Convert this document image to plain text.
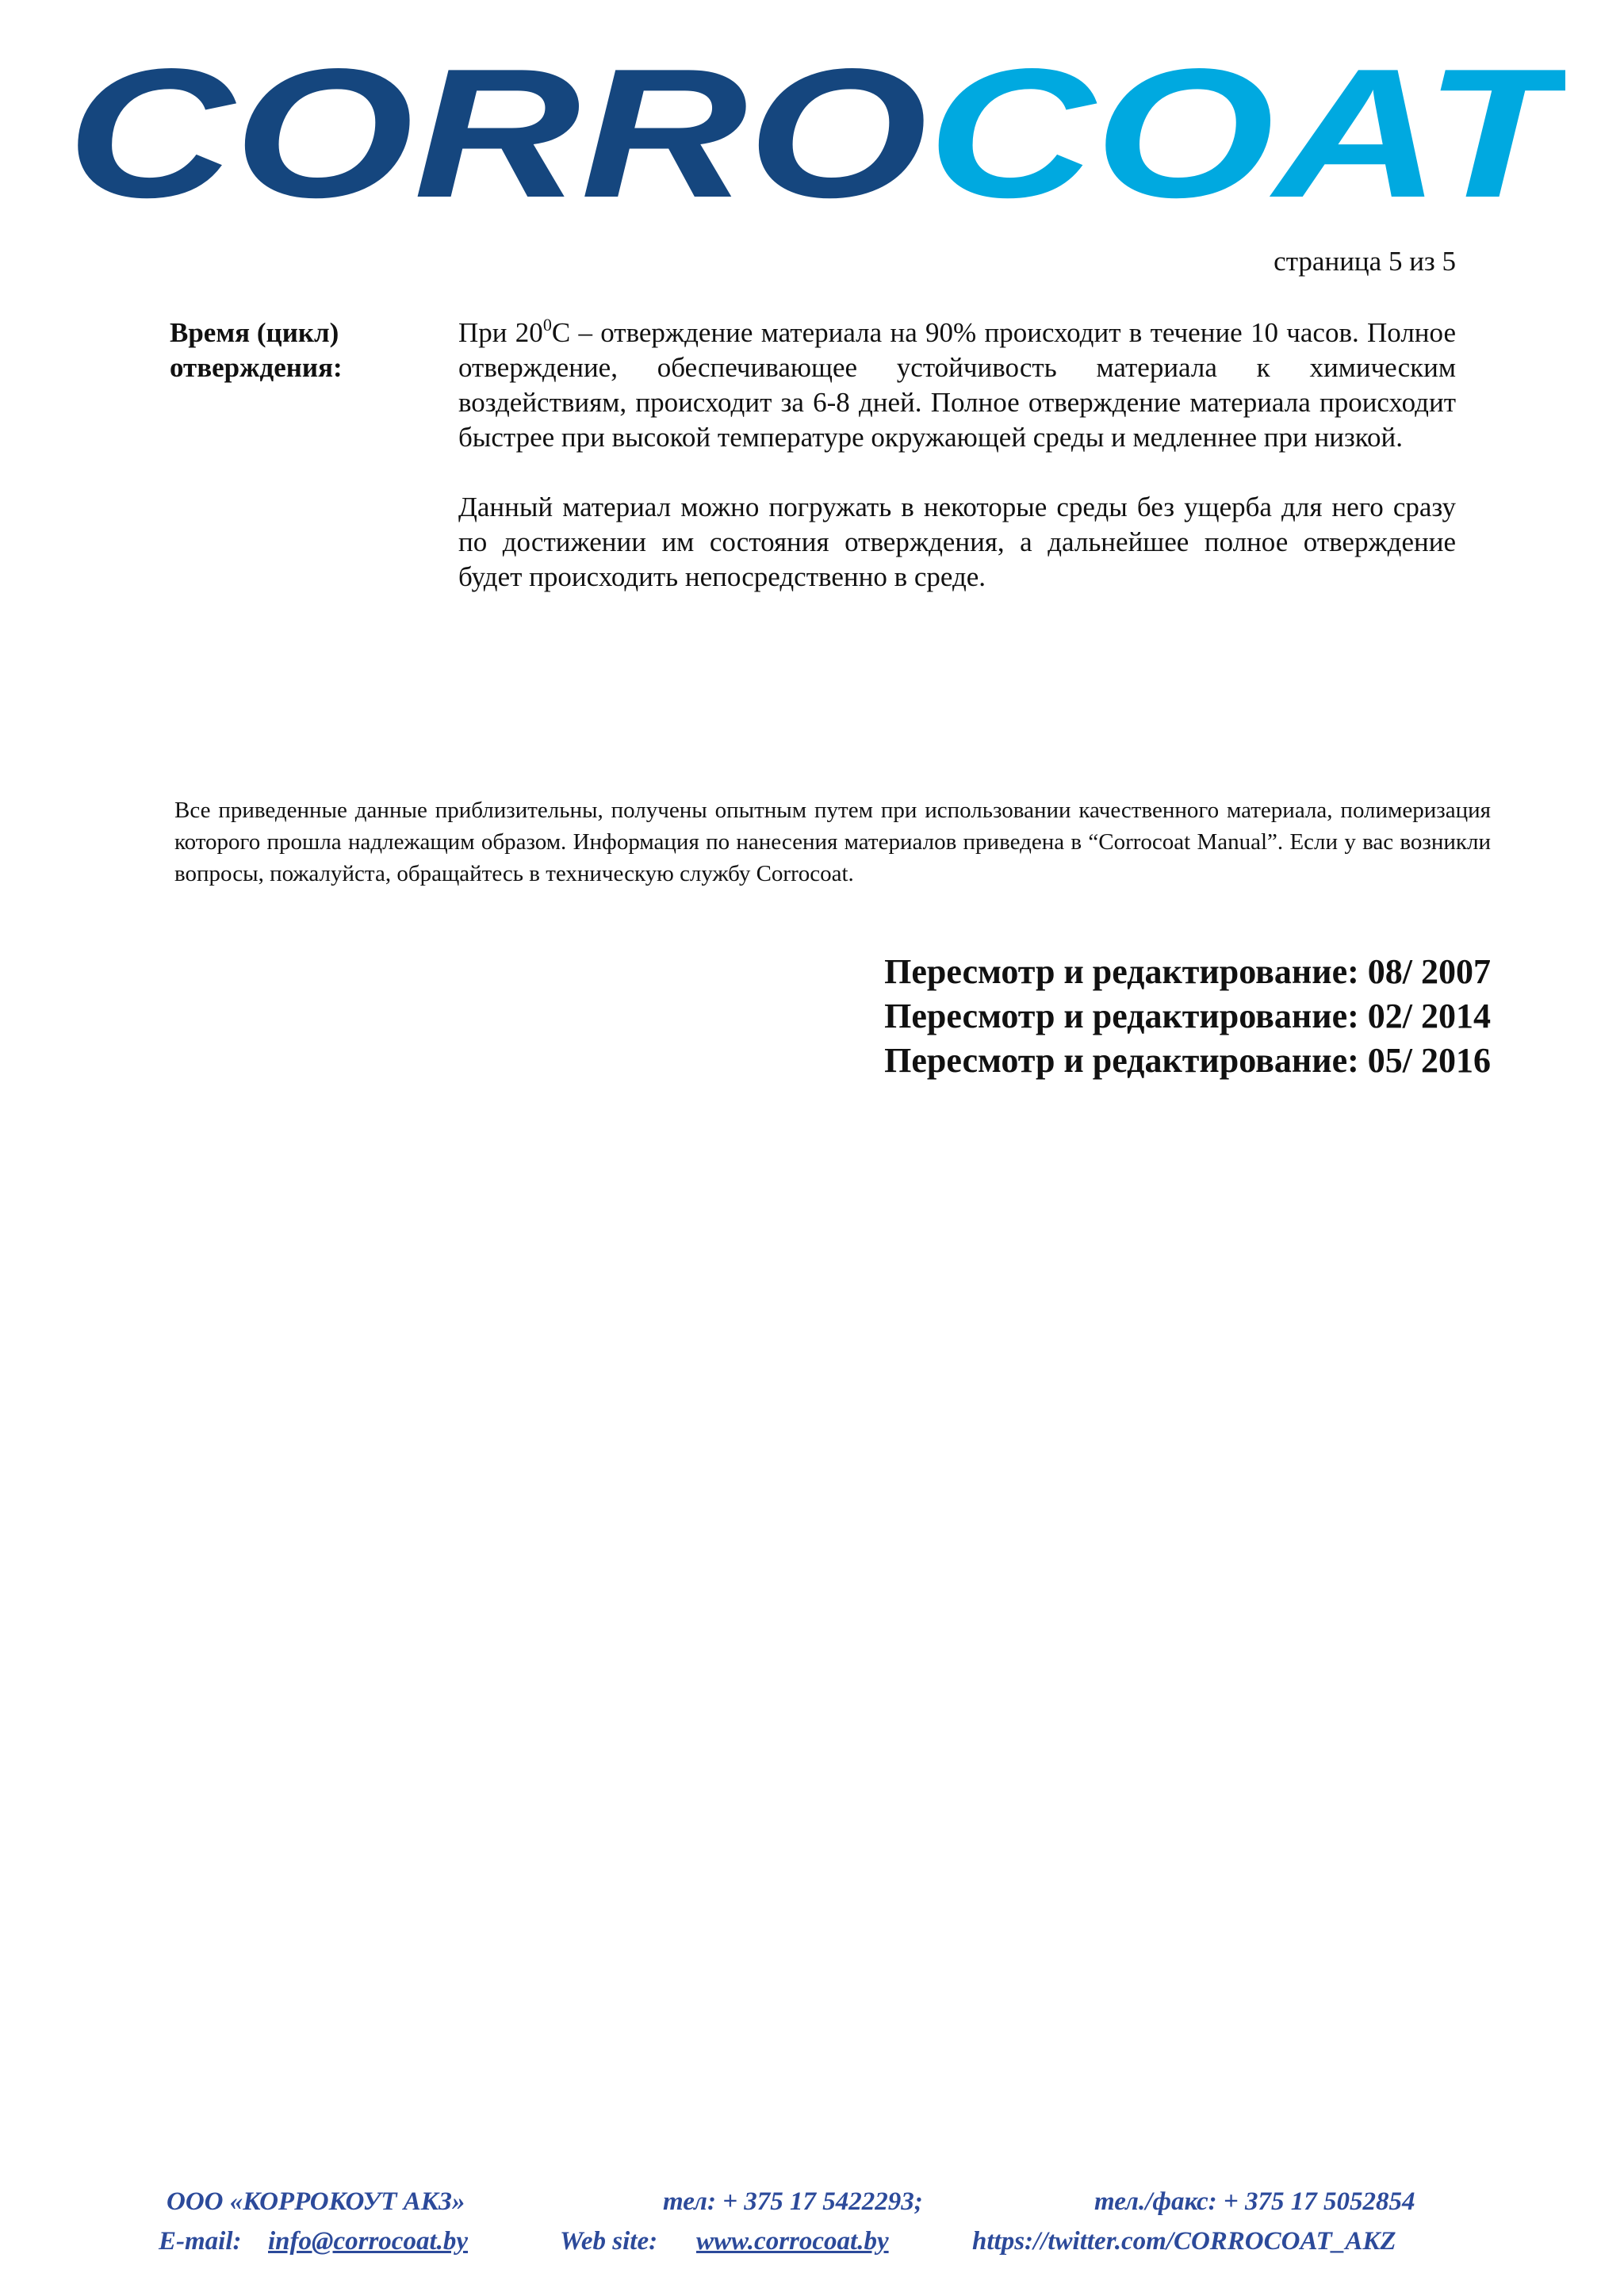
CORRO COAT
страница 5 из 5
Время (цикл)
отверждения:

При $20^0С$ – отверждение материала на 90% происходит в течение 10 часов. Полное отверждение, обеспечивающее устойчивость материала к химическим воздействиям, происходит за 6-8 дней. Полное отверждение материала происходит быстрее при высокой температуре окружающей среды и медленнее при низкой.

Данный материал можно погружать в некоторые среды без ущерба для него сразу по достижении им состояния отверждения, а дальнейшее полное отверждение будет происходить непосредственно в среде.

Все приведенные данные приблизительны, получены опытным путем при использовании качественного материала, полимеризация которого прошла надлежащим образом. Информация по нанесения материалов приведена в “Corrocoat Manual”. Если у вас возникли вопросы, пожалуйста, обращайтесь в техническую службу Corrocoat.
Пересмотр и редактирование: 08/ 2007
Пересмотр и редактирование: 02/ 2014
Пересмотр и редактирование: 05/ 2016
ООО «КОРРОКОУТ АКЗ»	тел: + 375 17 5422293;	тел./факс: + 375 17 5052854
E-mail: info@corrocoat.by	Web site: www.corrocoat.by	https://twitter.com/CORROCOAT_AKZ
